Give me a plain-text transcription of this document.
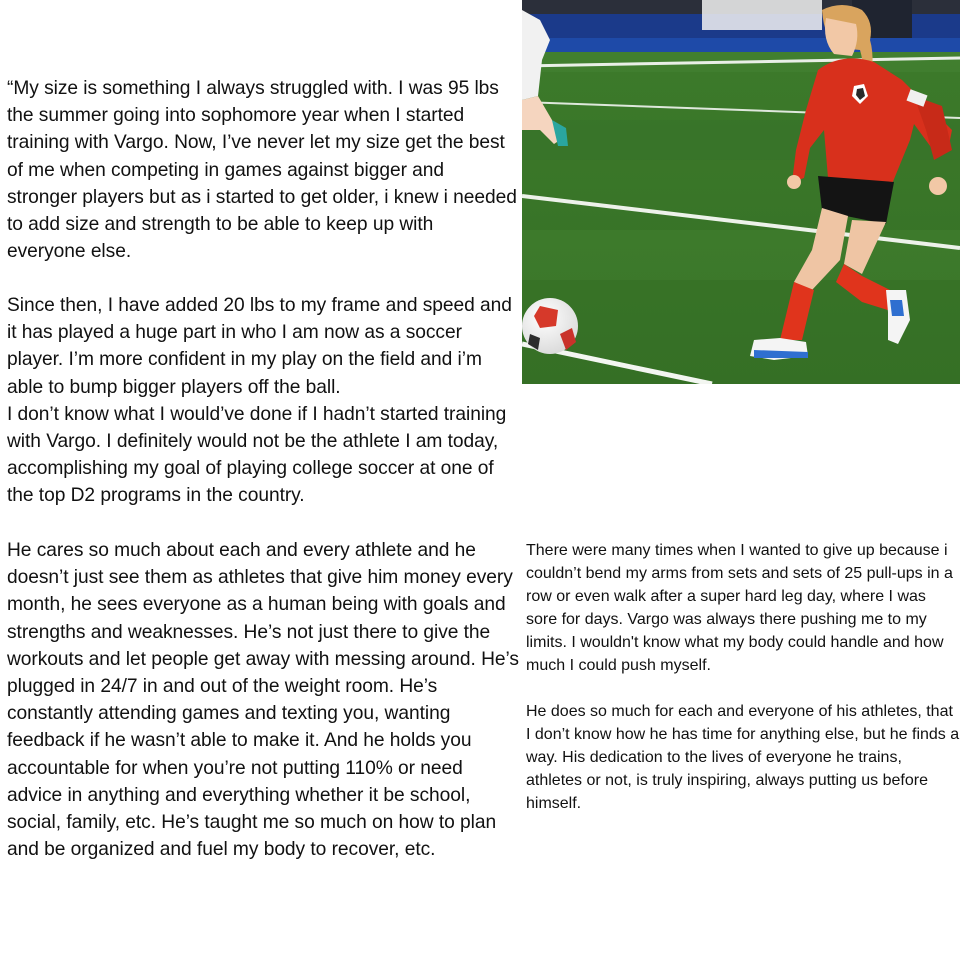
“My size is something I always struggled with. I was 95 lbs the summer going into sophomore year when I started training with Vargo. Now, I’ve never let my size get the best of me when competing in games against bigger and stronger players but as i started to get older, i knew i needed to add size and strength to be able to keep up with everyone else.

Since then, I have added 20 lbs to my frame and speed and it has played a huge part in who I am now as a soccer player. I’m more confident in my play on the field and i’m able to bump bigger players off the ball.

I don’t know what I would’ve done if I hadn’t started training with Vargo. I definitely would not be the athlete I am today, accomplishing my goal of playing college soccer at one of the top D2 programs in the country.

He cares so much about each and every athlete and he doesn’t just see them as athletes that give him money every month, he sees everyone as a human being with goals and strengths and weaknesses. He’s not just there to give the workouts and let people get away with messing around. He’s plugged in 24/7 in and out of the weight room. He’s constantly attending games and texting you, wanting feedback if he wasn’t able to make it. And he holds you accountable for when you’re not putting 110% or need advice in anything and everything whether it be school, social, family, etc. He’s taught me so much on how to plan and be organized and fuel my body to recover, etc.

There were many times when I wanted to give up because i couldn’t bend my arms from sets and sets of 25 pull-ups in a row or even walk after a super hard leg day, where I was sore for days. Vargo was always there pushing me to my limits. I wouldn't know what my body could handle and how much I could push myself.

He does so much for each and everyone of his athletes, that I don’t know how he has time for anything else, but he finds a way. His dedication to the lives of everyone he trains, athletes or not, is truly inspiring, always putting us before himself.
